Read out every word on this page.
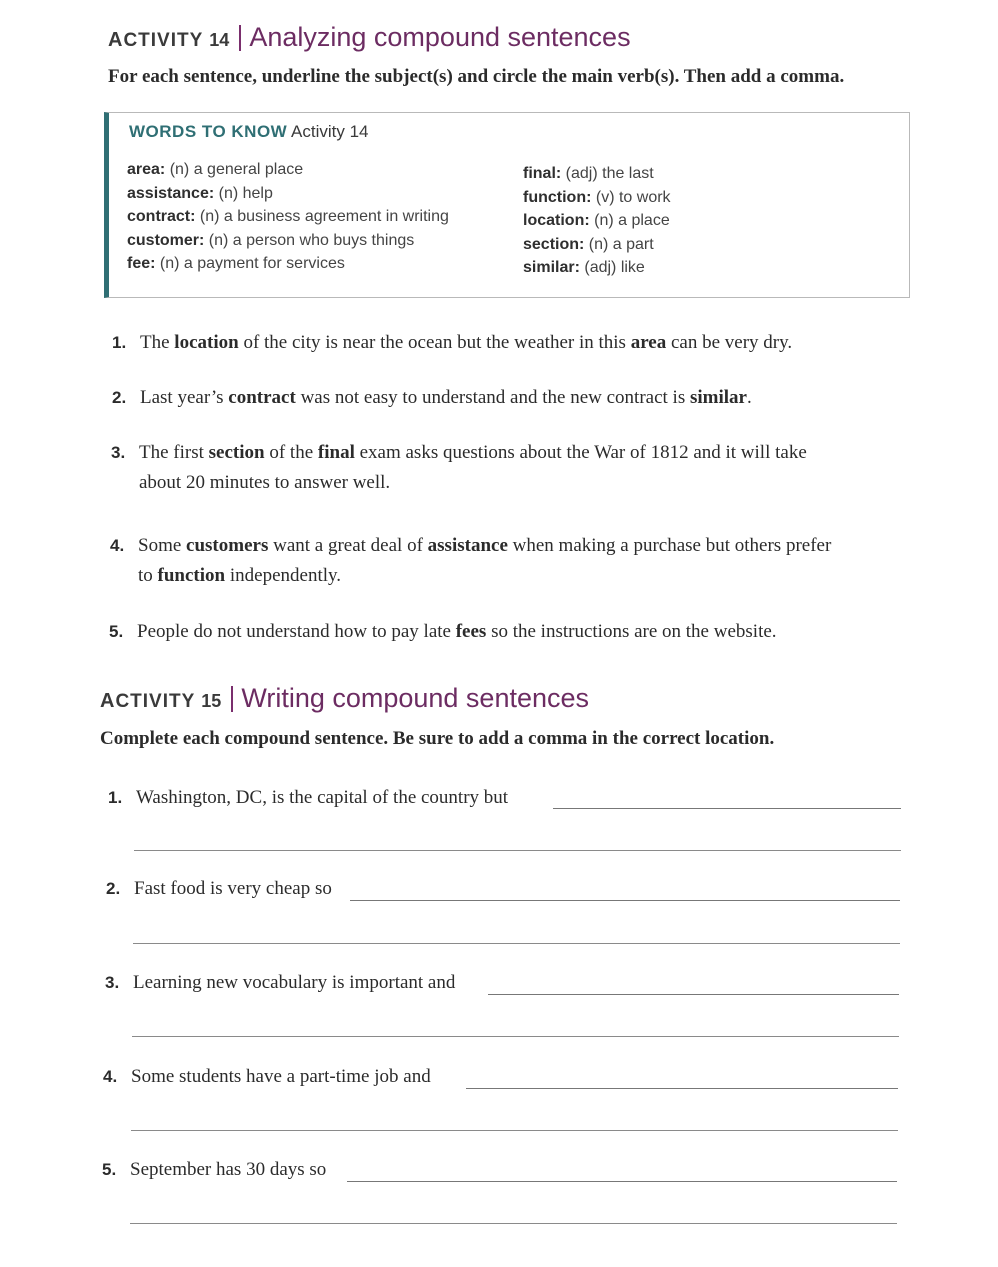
ACTIVITY 14 Analyzing compound sentences
For each sentence, underline the subject(s) and circle the main verb(s). Then add a comma.
WORDS TO KNOW Activity 14
area: (n) a general place
assistance: (n) help
contract: (n) a business agreement in writing
customer: (n) a person who buys things
fee: (n) a payment for services
final: (adj) the last
function: (v) to work
location: (n) a place
section: (n) a part
similar: (adj) like
1. The location of the city is near the ocean but the weather in this area can be very dry.
2. Last year’s contract was not easy to understand and the new contract is similar.
3. The first section of the final exam asks questions about the War of 1812 and it will take
about 20 minutes to answer well.
4. Some customers want a great deal of assistance when making a purchase but others prefer
to function independently.
5. People do not understand how to pay late fees so the instructions are on the website.
ACTIVITY 15 Writing compound sentences
Complete each compound sentence. Be sure to add a comma in the correct location.
1. Washington, DC, is the capital of the country but
2. Fast food is very cheap so
3. Learning new vocabulary is important and
4. Some students have a part-time job and
5. September has 30 days so
